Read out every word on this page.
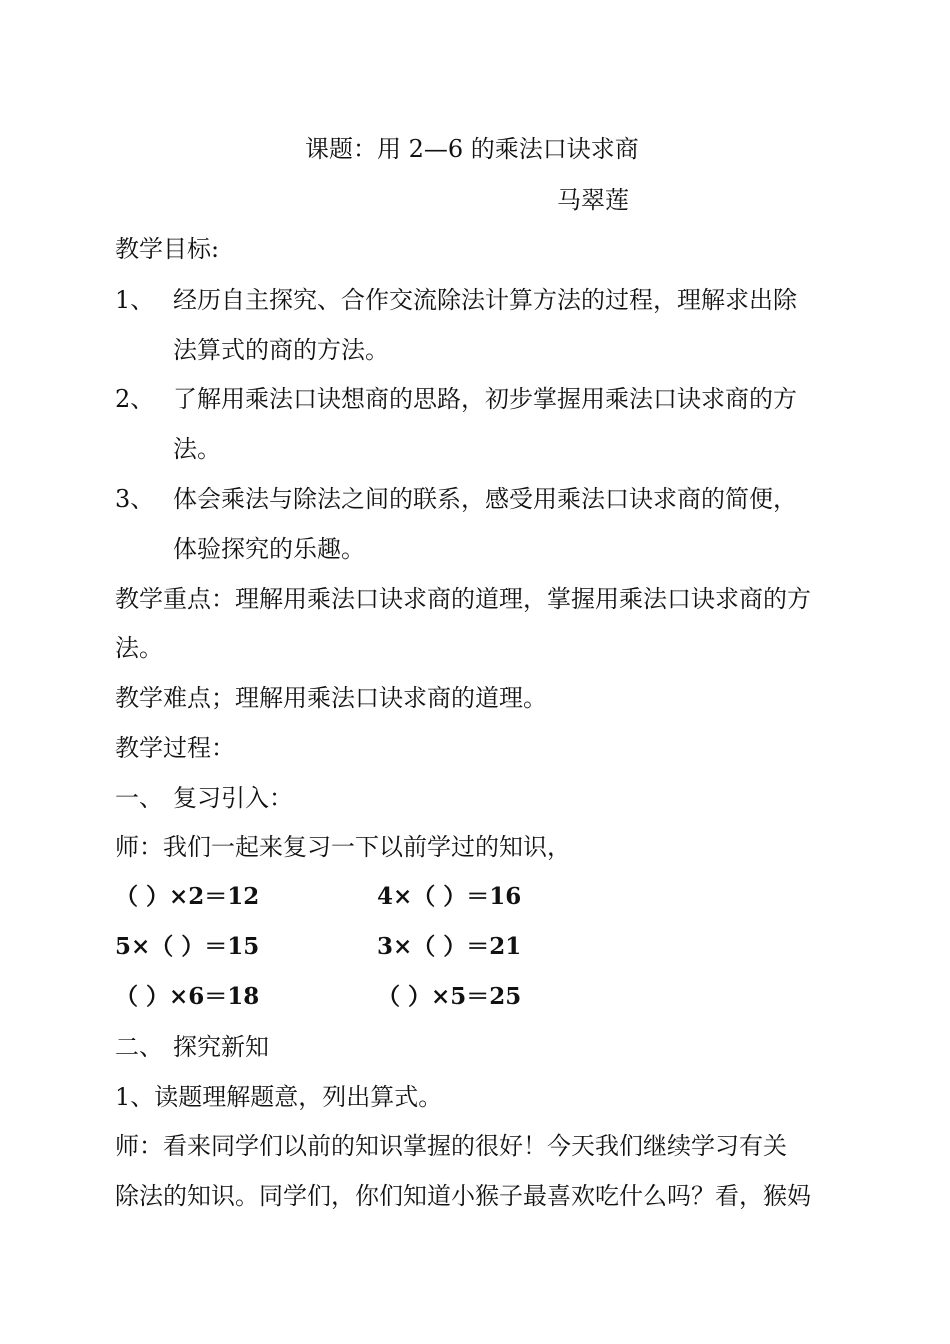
课题：用 2—6 的乘法口诀求商
马翠莲
教学目标:
1、 经历自主探究、合作交流除法计算方法的过程，理解求出除
法算式的商的方法。
2、 了解用乘法口诀想商的思路，初步掌握用乘法口诀求商的方
法。
3、 体会乘法与除法之间的联系，感受用乘法口诀求商的简便，
体验探究的乐趣。
教学重点：理解用乘法口诀求商的道理，掌握用乘法口诀求商的方
法。
教学难点；理解用乘法口诀求商的道理。
教学过程：
一、 复习引入：
师：我们一起来复习一下以前学过的知识，
（ ）×2＝12	4×（ ）＝16
5×（ ）＝15	3×（ ）＝21
（ ）×6＝18	（ ）×5＝25
二、 探究新知
1、读题理解题意，列出算式。
师：看来同学们以前的知识掌握的很好！今天我们继续学习有关
除法的知识。同学们，你们知道小猴子最喜欢吃什么吗？看，猴妈
